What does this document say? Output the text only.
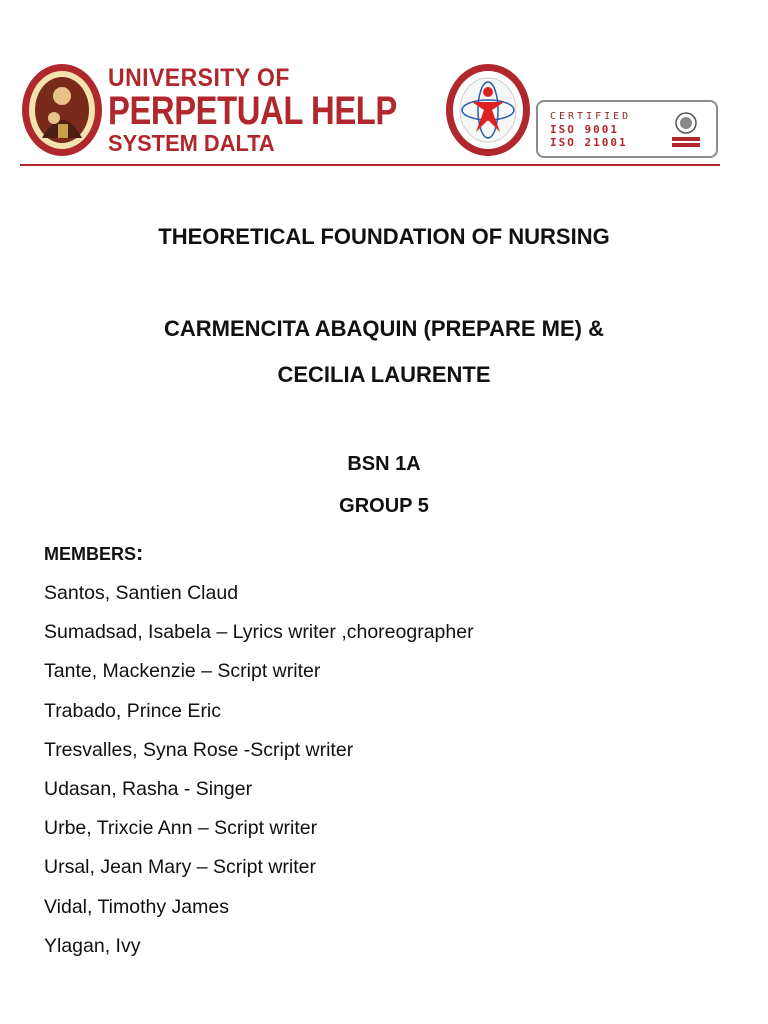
UNIVERSITY OF
PERPETUAL HELP
SYSTEM DALTA
CERTIFIED
ISO 9001
ISO 21001
THEORETICAL FOUNDATION OF NURSING
CARMENCITA ABAQUIN (PREPARE ME) &
CECILIA LAURENTE
BSN 1A
GROUP 5
MEMBERS:
Santos, Santien Claud
Sumadsad, Isabela – Lyrics writer ,choreographer
Tante, Mackenzie – Script writer
Trabado, Prince Eric
Tresvalles, Syna Rose -Script writer
Udasan, Rasha - Singer
Urbe, Trixcie Ann – Script writer
Ursal, Jean Mary – Script writer
Vidal, Timothy James
Ylagan, Ivy
